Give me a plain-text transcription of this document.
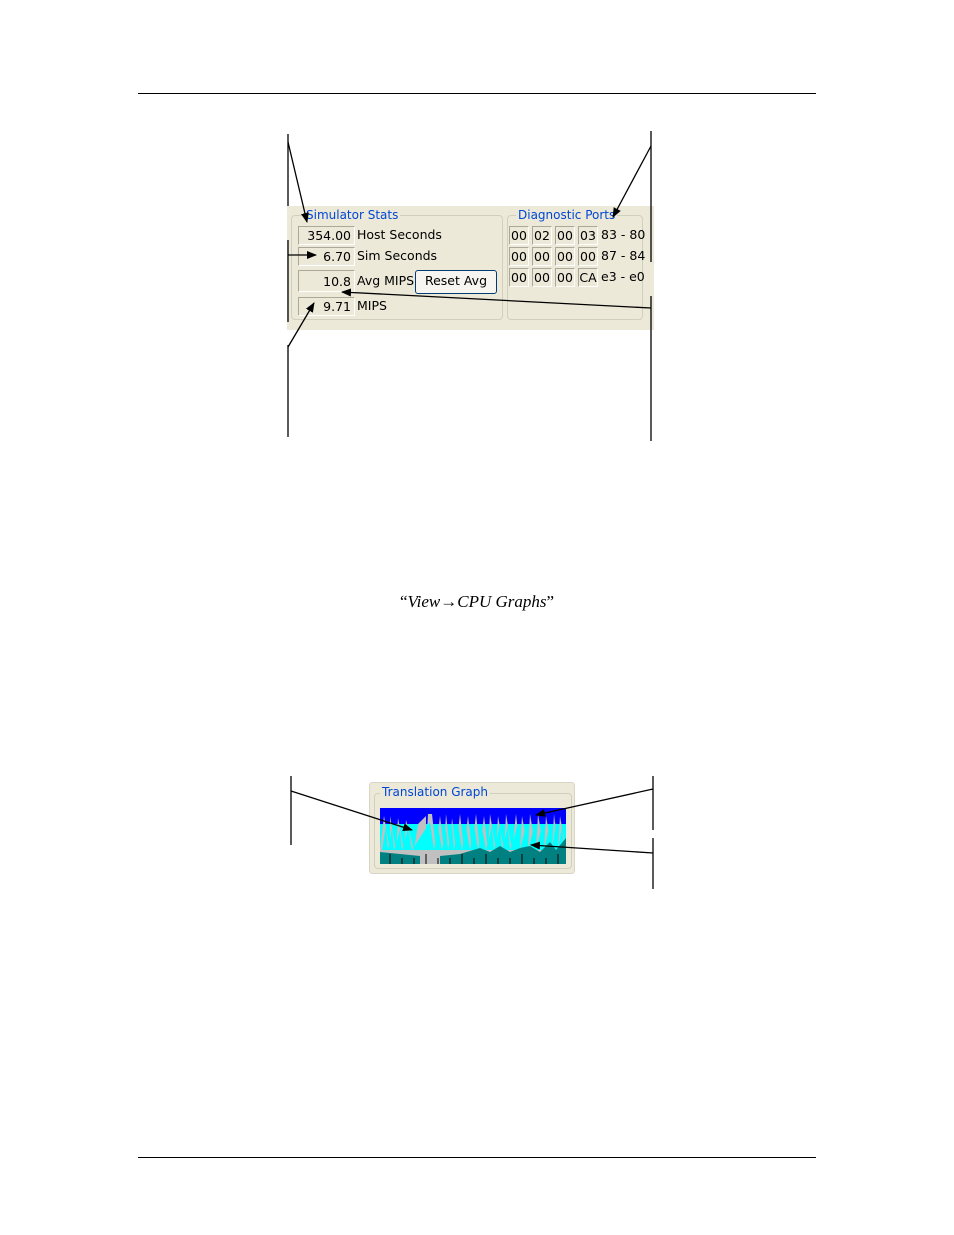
Simulator Stats
354.00 Host Seconds
6.70 Sim Seconds
10.8 Avg MIPS Reset Avg
9.71 MIPS
Diagnostic Ports
00 02 00 03 83 - 80
00 00 00 00 87 - 84
00 00 00 CA e3 - e0
“View→CPU Graphs”
Translation Graph
